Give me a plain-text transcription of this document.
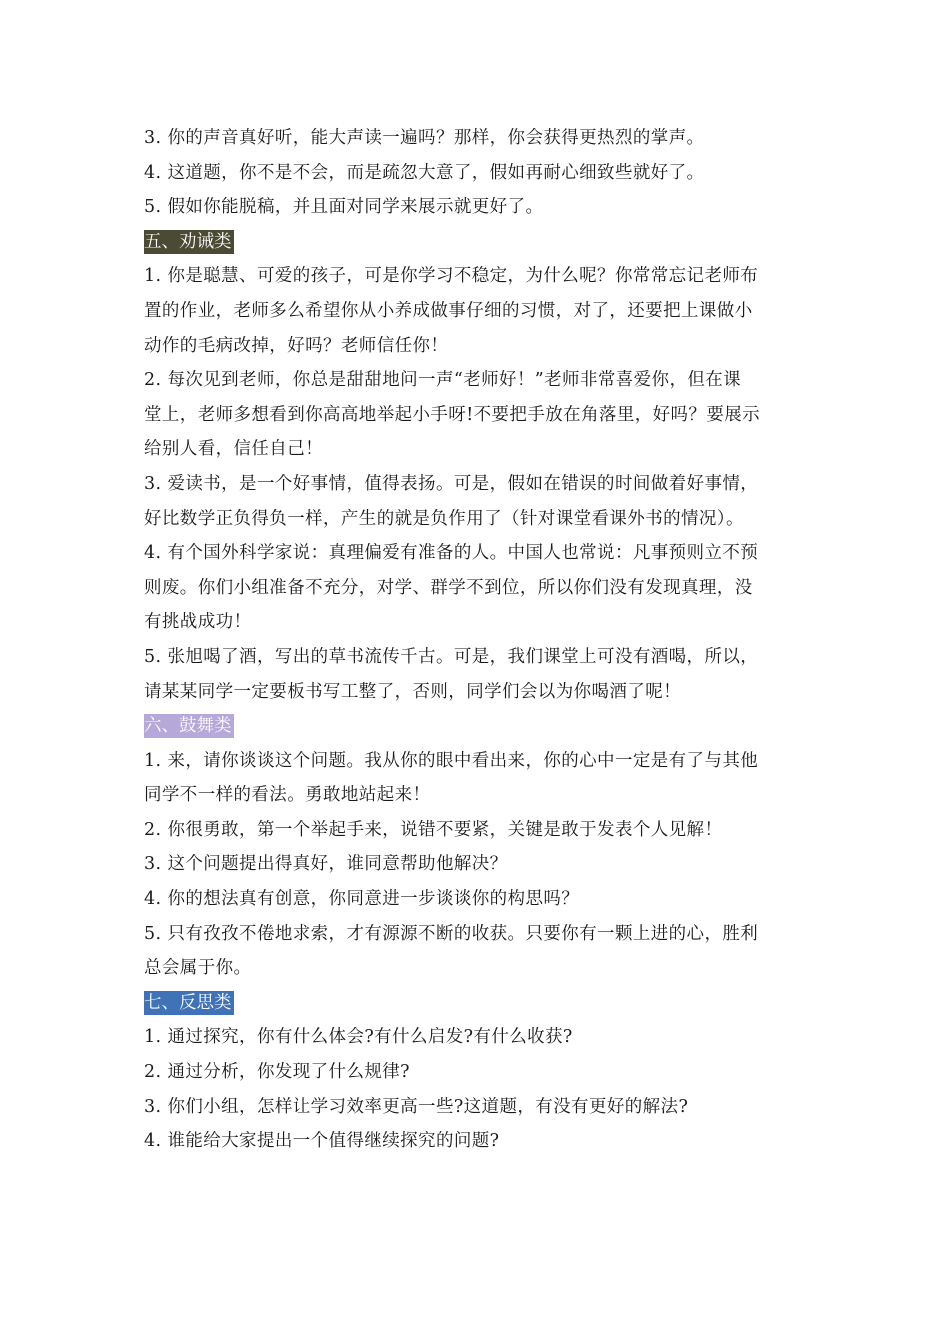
3. 你的声音真好听，能大声读一遍吗？那样，你会获得更热烈的掌声。
4. 这道题，你不是不会，而是疏忽大意了，假如再耐心细致些就好了。
5. 假如你能脱稿，并且面对同学来展示就更好了。
五、劝诫类
1. 你是聪慧、可爱的孩子，可是你学习不稳定，为什么呢？你常常忘记老师布
置的作业，老师多么希望你从小养成做事仔细的习惯，对了，还要把上课做小
动作的毛病改掉，好吗？老师信任你！
2. 每次见到老师，你总是甜甜地问一声“老师好！”老师非常喜爱你，但在课
堂上，老师多想看到你高高地举起小手呀!不要把手放在角落里，好吗？要展示
给别人看，信任自己！
3. 爱读书，是一个好事情，值得表扬。可是，假如在错误的时间做着好事情，
好比数学正负得负一样，产生的就是负作用了（针对课堂看课外书的情况）。
4. 有个国外科学家说：真理偏爱有准备的人。中国人也常说：凡事预则立不预
则废。你们小组准备不充分，对学、群学不到位，所以你们没有发现真理，没
有挑战成功！
5. 张旭喝了酒，写出的草书流传千古。可是，我们课堂上可没有酒喝，所以，
请某某同学一定要板书写工整了，否则，同学们会以为你喝酒了呢！
六、鼓舞类
1. 来，请你谈谈这个问题。我从你的眼中看出来，你的心中一定是有了与其他
同学不一样的看法。勇敢地站起来！
2. 你很勇敢，第一个举起手来，说错不要紧，关键是敢于发表个人见解！
3. 这个问题提出得真好，谁同意帮助他解决？
4. 你的想法真有创意，你同意进一步谈谈你的构思吗？
5. 只有孜孜不倦地求索，才有源源不断的收获。只要你有一颗上进的心，胜利
总会属于你。
七、反思类
1. 通过探究，你有什么体会?有什么启发?有什么收获?
2. 通过分析，你发现了什么规律?
3. 你们小组，怎样让学习效率更高一些?这道题，有没有更好的解法?
4. 谁能给大家提出一个值得继续探究的问题?
